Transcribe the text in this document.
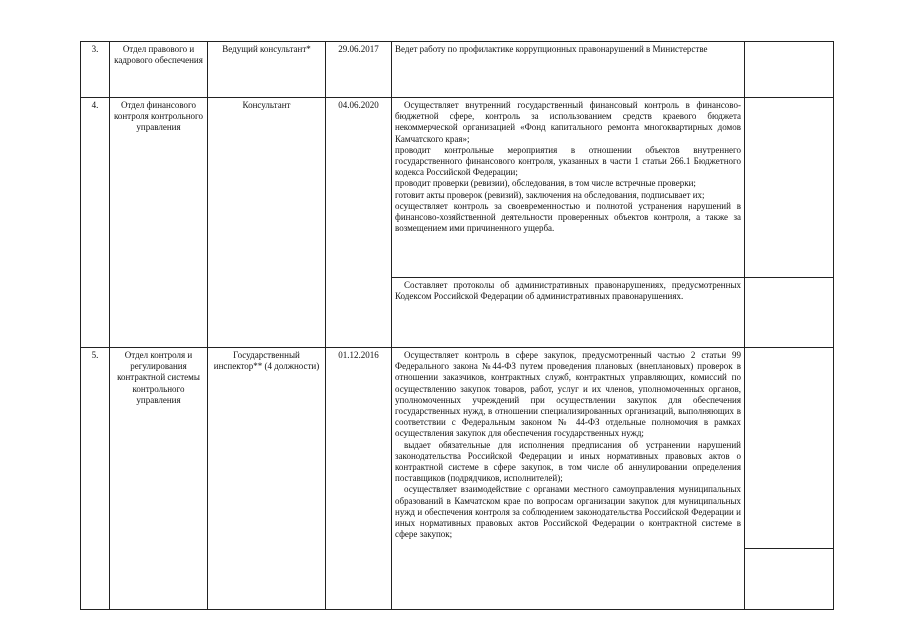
3.	Отдел правового и кадрового обеспечения	Ведущий консультант*	29.06.2017	Ведет работу по профилактике коррупционных правонарушений в Министерстве	

4.	Отдел финансового контроля контрольного управления	Консультант	04.06.2020	Осуществляет внутренний государственный финансовый контроль в финансово-бюджетной сфере, контроль за использованием средств краевого бюджета некоммерческой организацией «Фонд капитального ремонта многоквартирных домов Камчатского края»;

проводит контрольные мероприятия в отношении объектов внутреннего государственного финансового контроля, указанных в части 1 статьи 266.1 Бюджетного кодекса Российской Федерации;

проводит проверки (ревизии), обследования, в том числе встречные проверки;

готовит акты проверок (ревизий), заключения на обследования, подписывает их;

осуществляет контроль за своевременностью и полнотой устранения нарушений в финансово-хозяйственной деятельности проверенных объектов контроля, а также за возмещением ими причиненного ущерба.	

				Составляет протоколы об административных правонарушениях, предусмотренных Кодексом Российской Федерации об административных правонарушениях.	

5.	Отдел контроля и регулирования контрактной системы контрольного управления	Государственный инспектор** (4 должности)	01.12.2016	Осуществляет контроль в сфере закупок, предусмотренный частью 2 статьи 99 Федерального закона №44-ФЗ путем проведения плановых (внеплановых) проверок в отношении заказчиков, контрактных служб, контрактных управляющих, комиссий по осуществлению закупок товаров, работ, услуг и их членов, уполномоченных органов, уполномоченных учреждений при осуществлении закупок для обеспечения государственных нужд, в отношении специализированных организаций, выполняющих в соответствии с Федеральным законом № 44-ФЗ отдельные полномочия в рамках осуществления закупок для обеспечения государственных нужд;

выдает обязательные для исполнения предписания об устранении нарушений законодательства Российской Федерации и иных нормативных правовых актов о контрактной системе в сфере закупок, в том числе об аннулировании определения поставщиков (подрядчиков, исполнителей);

осуществляет взаимодействие с органами местного самоуправления муниципальных образований в Камчатском крае по вопросам организации закупок для муниципальных нужд и обеспечения контроля за соблюдением законодательства Российской Федерации и иных нормативных правовых актов Российской Федерации о контрактной системе в сфере закупок;	
